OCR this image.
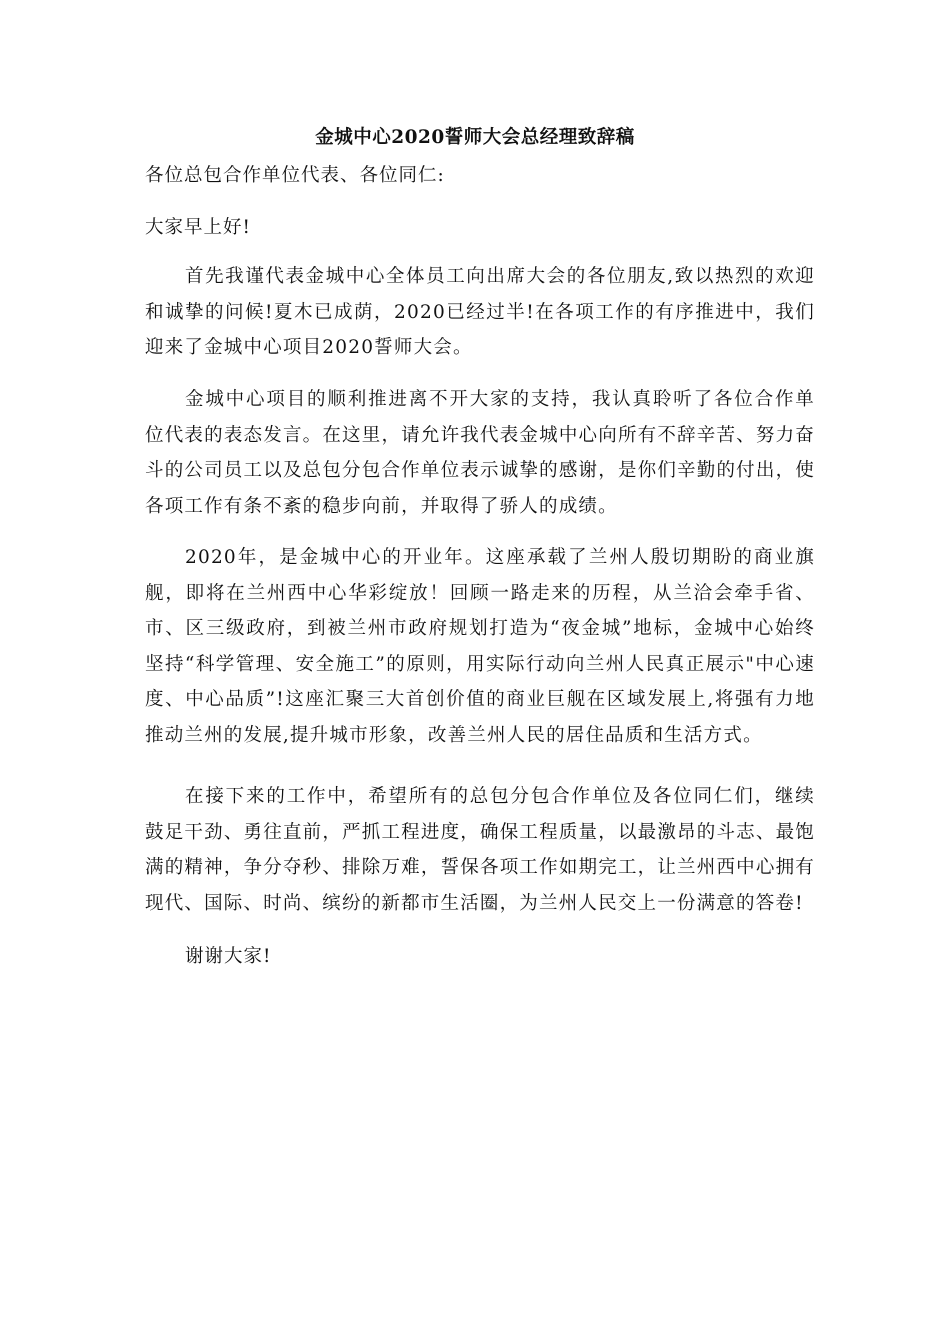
金城中心2020誓师大会总经理致辞稿
各位总包合作单位代表、各位同仁:
大家早上好!

首先我谨代表金城中心全体员工向出席大会的各位朋友,致以热烈的欢迎和诚挚的问候!夏木已成荫，2020已经过半!在各项工作的有序推进中，我们迎来了金城中心项目2020誓师大会。

金城中心项目的顺利推进离不开大家的支持，我认真聆听了各位合作单位代表的表态发言。在这里，请允许我代表金城中心向所有不辞辛苦、努力奋斗的公司员工以及总包分包合作单位表示诚挚的感谢，是你们辛勤的付出，使各项工作有条不紊的稳步向前，并取得了骄人的成绩。

2020年，是金城中心的开业年。这座承载了兰州人殷切期盼的商业旗舰，即将在兰州西中心华彩绽放！回顾一路走来的历程，从兰洽会牵手省、市、区三级政府，到被兰州市政府规划打造为“夜金城”地标，金城中心始终坚持“科学管理、安全施工”的原则，用实际行动向兰州人民真正展示"中心速度、中心品质”!这座汇聚三大首创价值的商业巨舰在区域发展上,将强有力地推动兰州的发展,提升城市形象，改善兰州人民的居住品质和生活方式。

在接下来的工作中，希望所有的总包分包合作单位及各位同仁们，继续鼓足干劲、勇往直前，严抓工程进度，确保工程质量，以最激昂的斗志、最饱满的精神，争分夺秒、排除万难，誓保各项工作如期完工，让兰州西中心拥有现代、国际、时尚、缤纷的新都市生活圈，为兰州人民交上一份满意的答卷!

谢谢大家!
